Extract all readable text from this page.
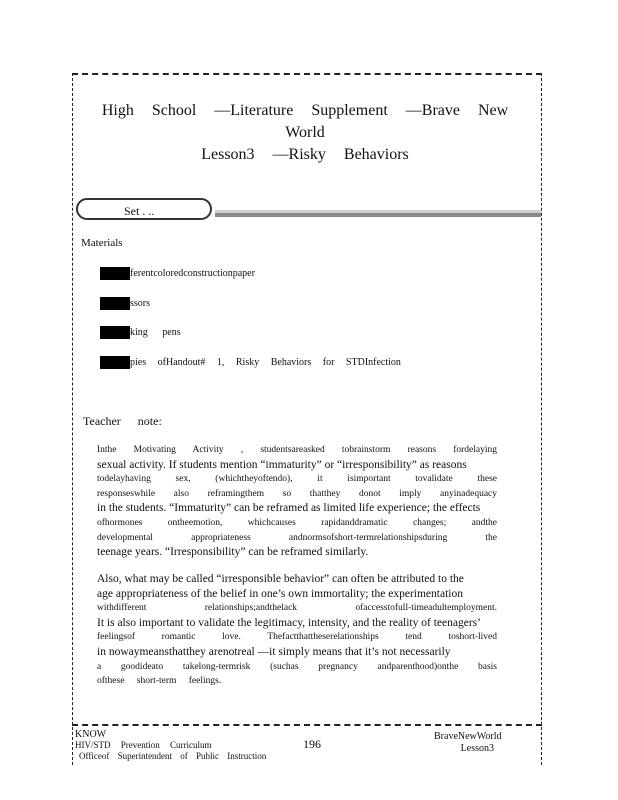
High School —Literature Supplement —Brave New World
Lesson3 —Risky Behaviors
Set . ..
Materials
ferentcoloredconstructionpaper
ssors
king pens
pies ofHandout# 1, Risky Behaviors for STDInfection
Teacher note:
Inthe Motivating Activity , studentsareasked tobrainstorm reasons fordelaying
sexual activity. If students mention “immaturity” or “irresponsibility” as reasons
todelayhaving sex, (whichtheyoftendo), it isimportant tovalidate these
responseswhile also reframingthem so thatthey donot imply anyinadequacy
in the students. “Immaturity” can be reframed as limited life experience; the effects
ofhormones ontheemotion, whichcauses rapidanddramatic changes; andthe
developmental appropriateness andnormsofshort-termrelationshipsduring the
teenage years. “Irresponsibility” can be reframed similarly.
Also, what may be called “irresponsible behavior” can often be attributed to the
age appropriateness of the belief in one’s own immortality; the experimentation
withdifferent relationships;andthelack ofaccesstofull-timeadultemployment.
It is also important to validate the legitimacy, intensity, and the reality of teenagers’
feelingsof romantic love. Thefactthattheserelationships tend toshort-lived
in nowaymeansthatthey arenotreal —it simply means that it’s not necessarily
a goodideato takelong-termrisk (suchas pregnancy andparenthood)onthe basis
ofthese short-term feelings.
KNOW
HIV/STD Prevention Curriculum
Officeof Superintendent of Public Instruction
196
BraveNewWorld
Lesson3
